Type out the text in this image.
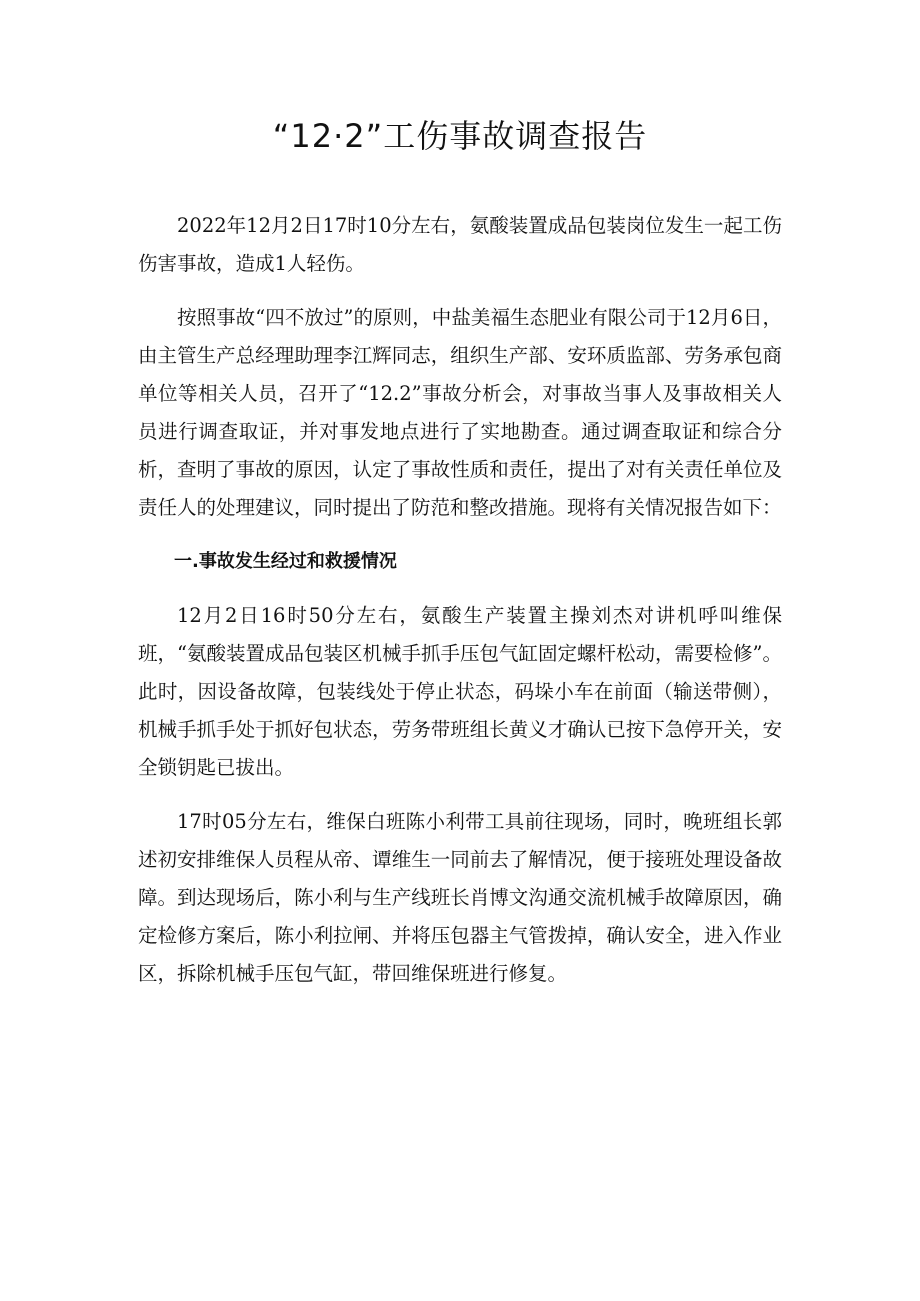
“12·2”工伤事故调查报告

2022年12月2日17时10分左右，氨酸装置成品包装岗位发生一起工伤伤害事故，造成1人轻伤。

按照事故“四不放过”的原则，中盐美福生态肥业有限公司于12月6日，由主管生产总经理助理李江辉同志，组织生产部、安环质监部、劳务承包商单位等相关人员，召开了“12.2”事故分析会，对事故当事人及事故相关人员进行调查取证，并对事发地点进行了实地勘查。通过调查取证和综合分析，查明了事故的原因，认定了事故性质和责任，提出了对有关责任单位及责任人的处理建议，同时提出了防范和整改措施。现将有关情况报告如下：

一.事故发生经过和救援情况

12月2日16时50分左右，氨酸生产装置主操刘杰对讲机呼叫维保班，“氨酸装置成品包装区机械手抓手压包气缸固定螺杆松动，需要检修”。此时，因设备故障，包装线处于停止状态，码垛小车在前面（输送带侧），机械手抓手处于抓好包状态，劳务带班组长黄义才确认已按下急停开关，安全锁钥匙已拔出。

17时05分左右，维保白班陈小利带工具前往现场，同时，晚班组长郭述初安排维保人员程从帝、谭维生一同前去了解情况，便于接班处理设备故障。到达现场后，陈小利与生产线班长肖博文沟通交流机械手故障原因，确定检修方案后，陈小利拉闸、并将压包器主气管拨掉，确认安全，进入作业区，拆除机械手压包气缸，带回维保班进行修复。
